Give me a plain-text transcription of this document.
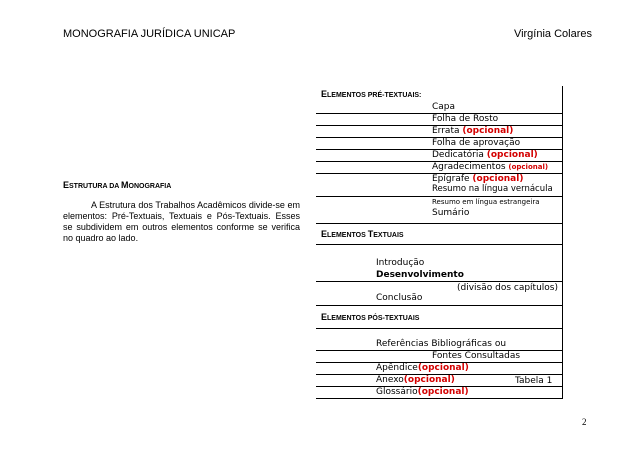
MONOGRAFIA JURÍDICA UNICAP	Virgínia Colares
ESTRUTURA DA MONOGRAFIA
A Estrutura dos Trabalhos Acadêmicos divide-se em elementos: Pré-Textuais, Textuais e Pós-Textuais. Esses se subdividem em outros elementos conforme se verifica no quadro ao lado.
ELEMENTOS PRÉ-TEXTUAIS:
Capa
Folha de Rosto
Errata (opcional)
Folha de aprovação
Dedicatória (opcional)
Agradecimentos (opcional)
Epígrafe (opcional)
Resumo na língua vernácula
Resumo em língua estrangeira
Sumário
ELEMENTOS TEXTUAIS
Introdução
Desenvolvimento
(divisão dos capítulos)
Conclusão
ELEMENTOS PÓS-TEXTUAIS
Referências Bibliográficas ou
Fontes Consultadas
Apêndice(opcional)
Anexo(opcional)
Glossário(opcional)
Tabela 1
2
